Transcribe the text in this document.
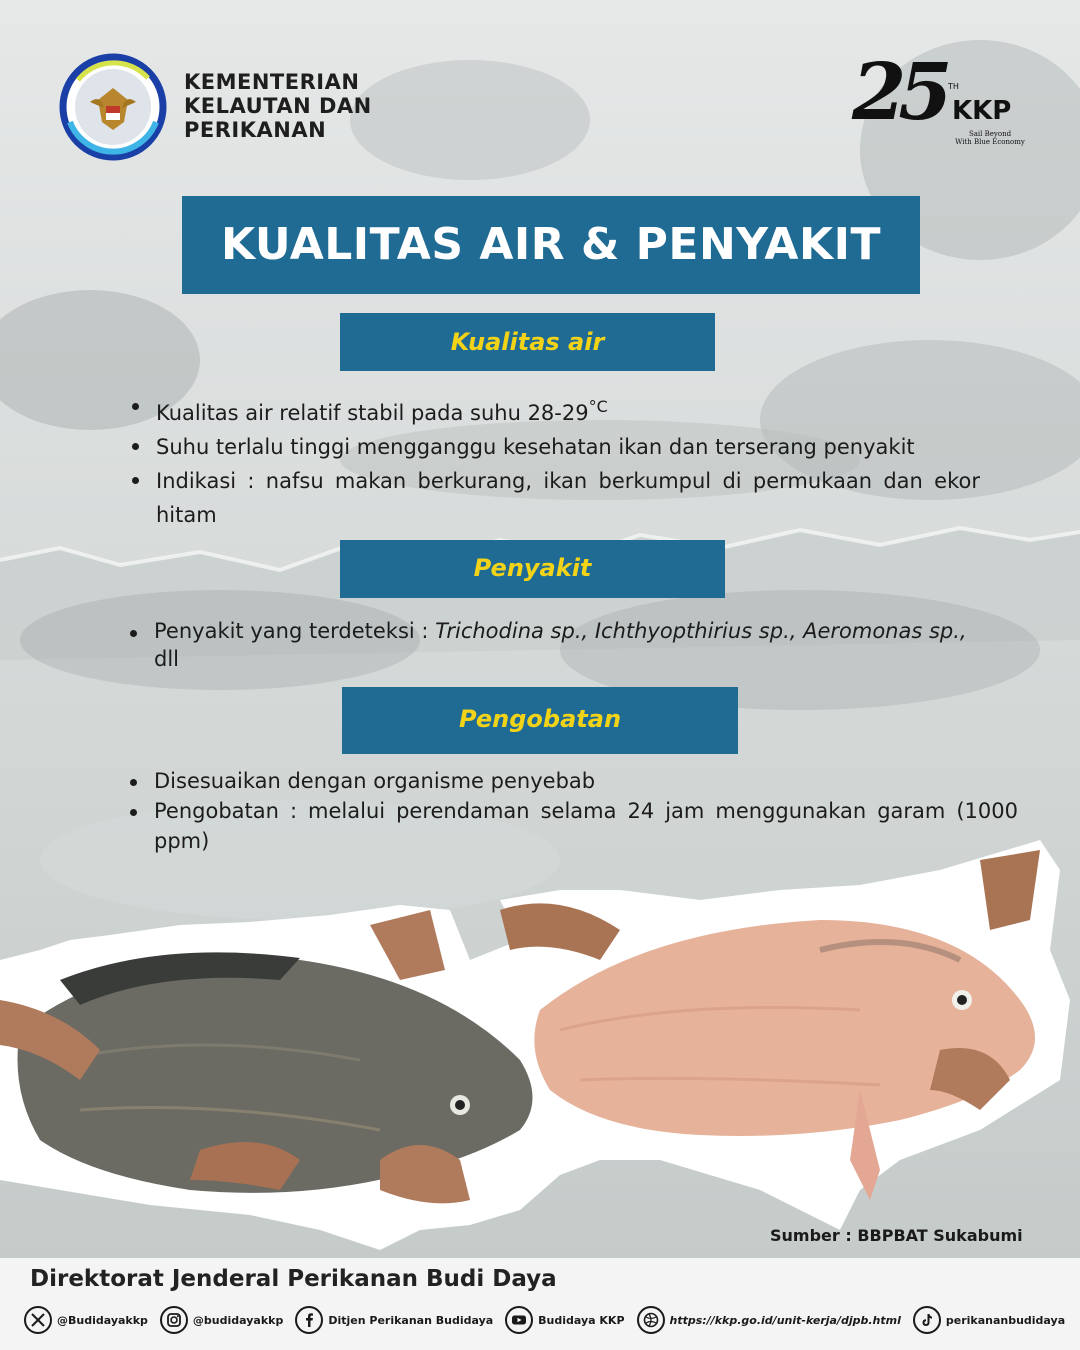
KEMENTERIAN
KELAUTAN DAN
PERIKANAN	25 TH
KKP
Sail Beyond
With Blue Economy
KUALITAS AIR & PENYAKIT
Kualitas air
Kualitas air relatif stabil pada suhu $28-29^{^\circ C}$
Suhu terlalu tinggi mengganggu kesehatan ikan dan terserang penyakit
Indikasi : nafsu makan berkurang, ikan berkumpul di permukaan dan ekor hitam
Penyakit
Penyakit yang terdeteksi : Trichodina sp., Ichthyopthirius sp., Aeromonas sp., dll
Pengobatan
Disesuaikan dengan organisme penyebab
Pengobatan : melalui perendaman selama 24 jam menggunakan garam (1000 ppm)
Sumber : BBPBAT Sukabumi
Direktorat Jenderal Perikanan Budi Daya
@Budidayakkp	@budidayakkp	Ditjen Perikanan Budidaya	Budidaya KKP	https://kkp.go.id/unit-kerja/djpb.html	perikananbudidaya
